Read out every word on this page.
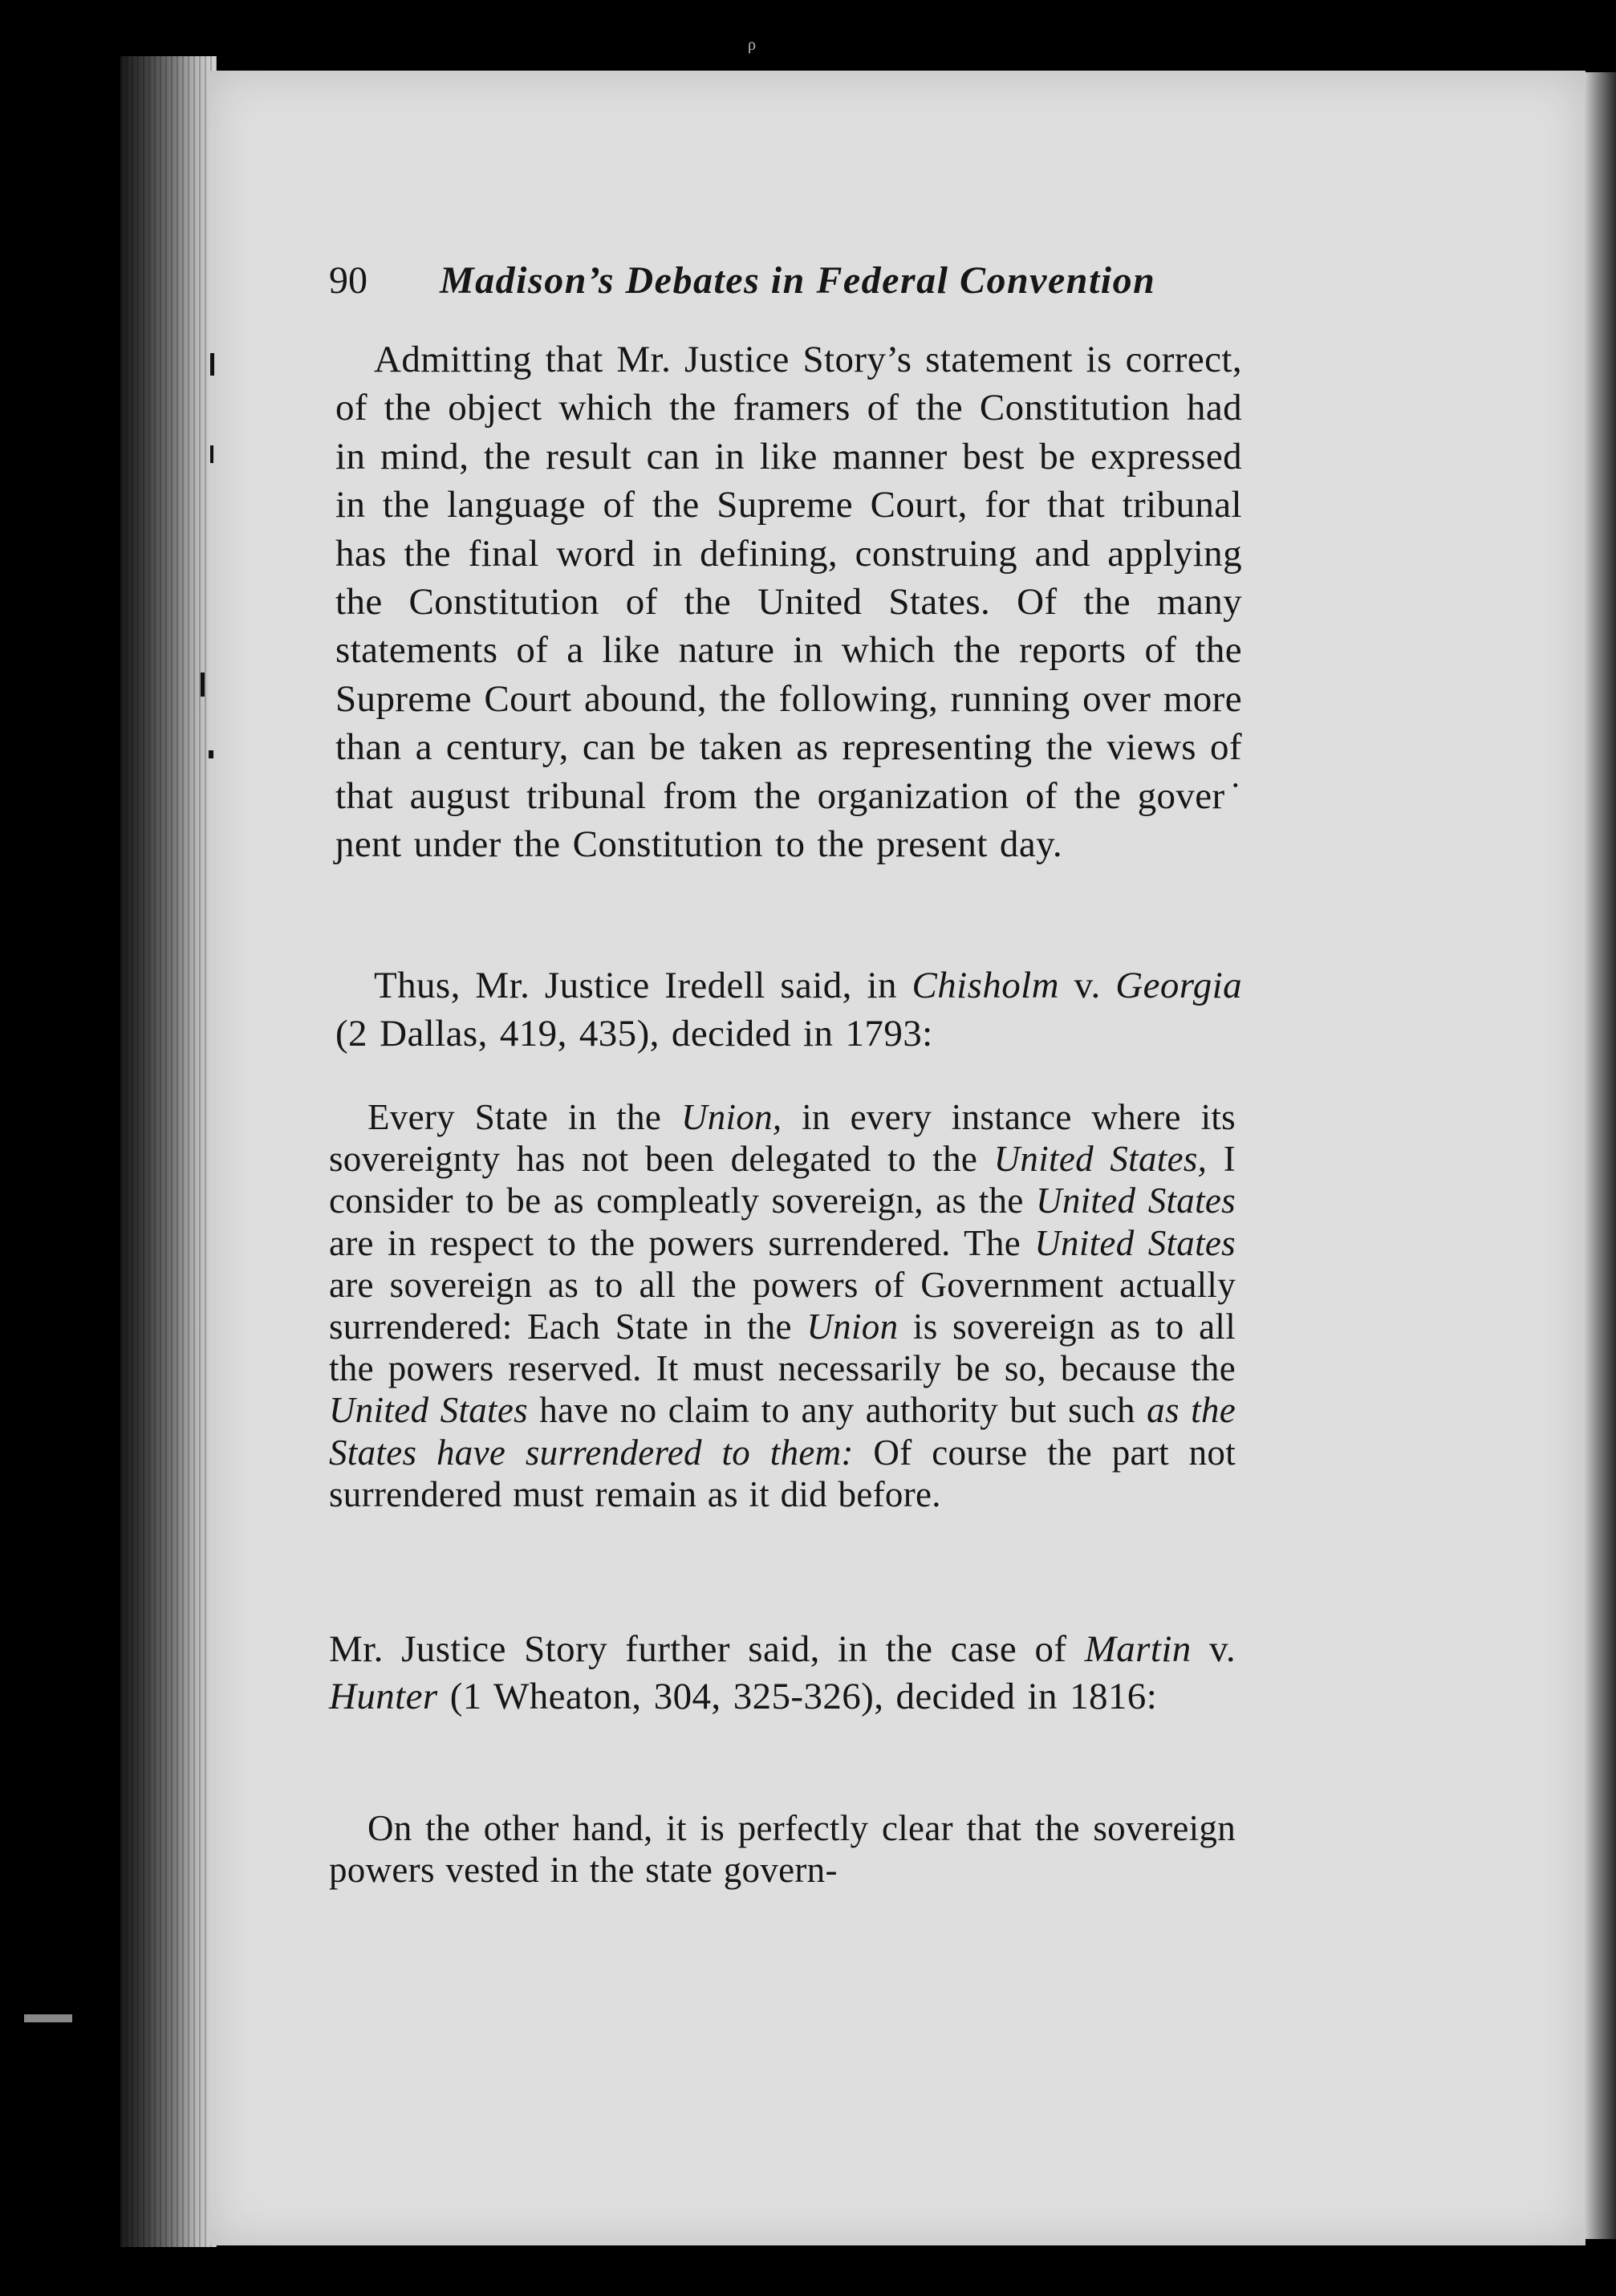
ρ
90 Madison’s Debates in Federal Convention

Admitting that Mr. Justice Story’s statement is correct, of the object which the framers of the Constitution had in mind, the result can in like manner best be expressed in the language of the Supreme Court, for that tribunal has the final word in defining, construing and applying the Constitution of the United States. Of the many statements of a like nature in which the reports of the Supreme Court abound, the following, running over more than a century, can be taken as representing the views of that august tribunal from the organization of the gover˙ ɲent under the Constitution to the present day.

Thus, Mr. Justice Iredell said, in Chisholm v. Georgia (2 Dallas, 419, 435), decided in 1793:

Every State in the Union, in every instance where its sovereignty has not been delegated to the United States, I consider to be as compleatly sovereign, as the United States are in respect to the powers surrendered. The United States are sovereign as to all the powers of Government actually surrendered: Each State in the Union is sovereign as to all the powers reserved. It must necessarily be so, because the United States have no claim to any authority but such as the States have surrendered to them: Of course the part not surrendered must remain as it did before.

Mr. Justice Story further said, in the case of Martin v. Hunter (1 Wheaton, 304, 325-326), decided in 1816:

On the other hand, it is perfectly clear that the sovereign powers vested in the state govern-
